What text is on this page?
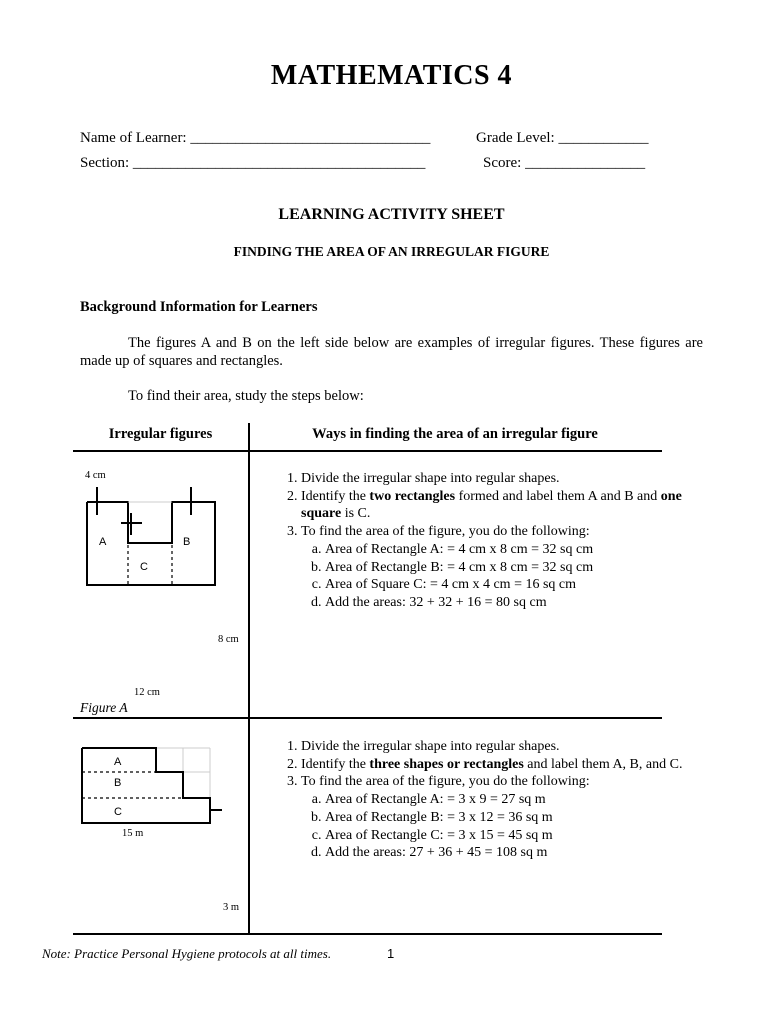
MATHEMATICS 4
Name of Learner: ________________________________	Grade Level: ____________
Section: _______________________________________	Score: ________________
LEARNING ACTIVITY SHEET
FINDING THE AREA OF AN IRREGULAR FIGURE
Background Information for Learners
The figures A and B on the left side below are examples of irregular figures. These figures are made up of squares and rectangles.
To find their area, study the steps below:
Irregular figures	Ways in finding the area of an irregular figure
4 cm
A	B
C
8 cm
12 cm
Figure A
1. Divide the irregular shape into regular shapes.
2. Identify the two rectangles formed and label them A and B and one square is C.
3. To find the area of the figure, you do the following:
a. Area of Rectangle A: = 4 cm x 8 cm = 32 sq cm
b. Area of Rectangle B: = 4 cm x 8 cm = 32 sq cm
c. Area of Square C: = 4 cm x 4 cm = 16 sq cm
d. Add the areas: 32 + 32 + 16 = 80 sq cm
A
B
C
15 m
3 m
1. Divide the irregular shape into regular shapes.
2. Identify the three shapes or rectangles and label them A, B, and C.
3. To find the area of the figure, you do the following:
a. Area of Rectangle A: = 3 x 9 = 27 sq m
b. Area of Rectangle B: = 3 x 12 = 36 sq m
c. Area of Rectangle C: = 3 x 15 = 45 sq m
d. Add the areas: 27 + 36 + 45 = 108 sq m
Note: Practice Personal Hygiene protocols at all times.	1
